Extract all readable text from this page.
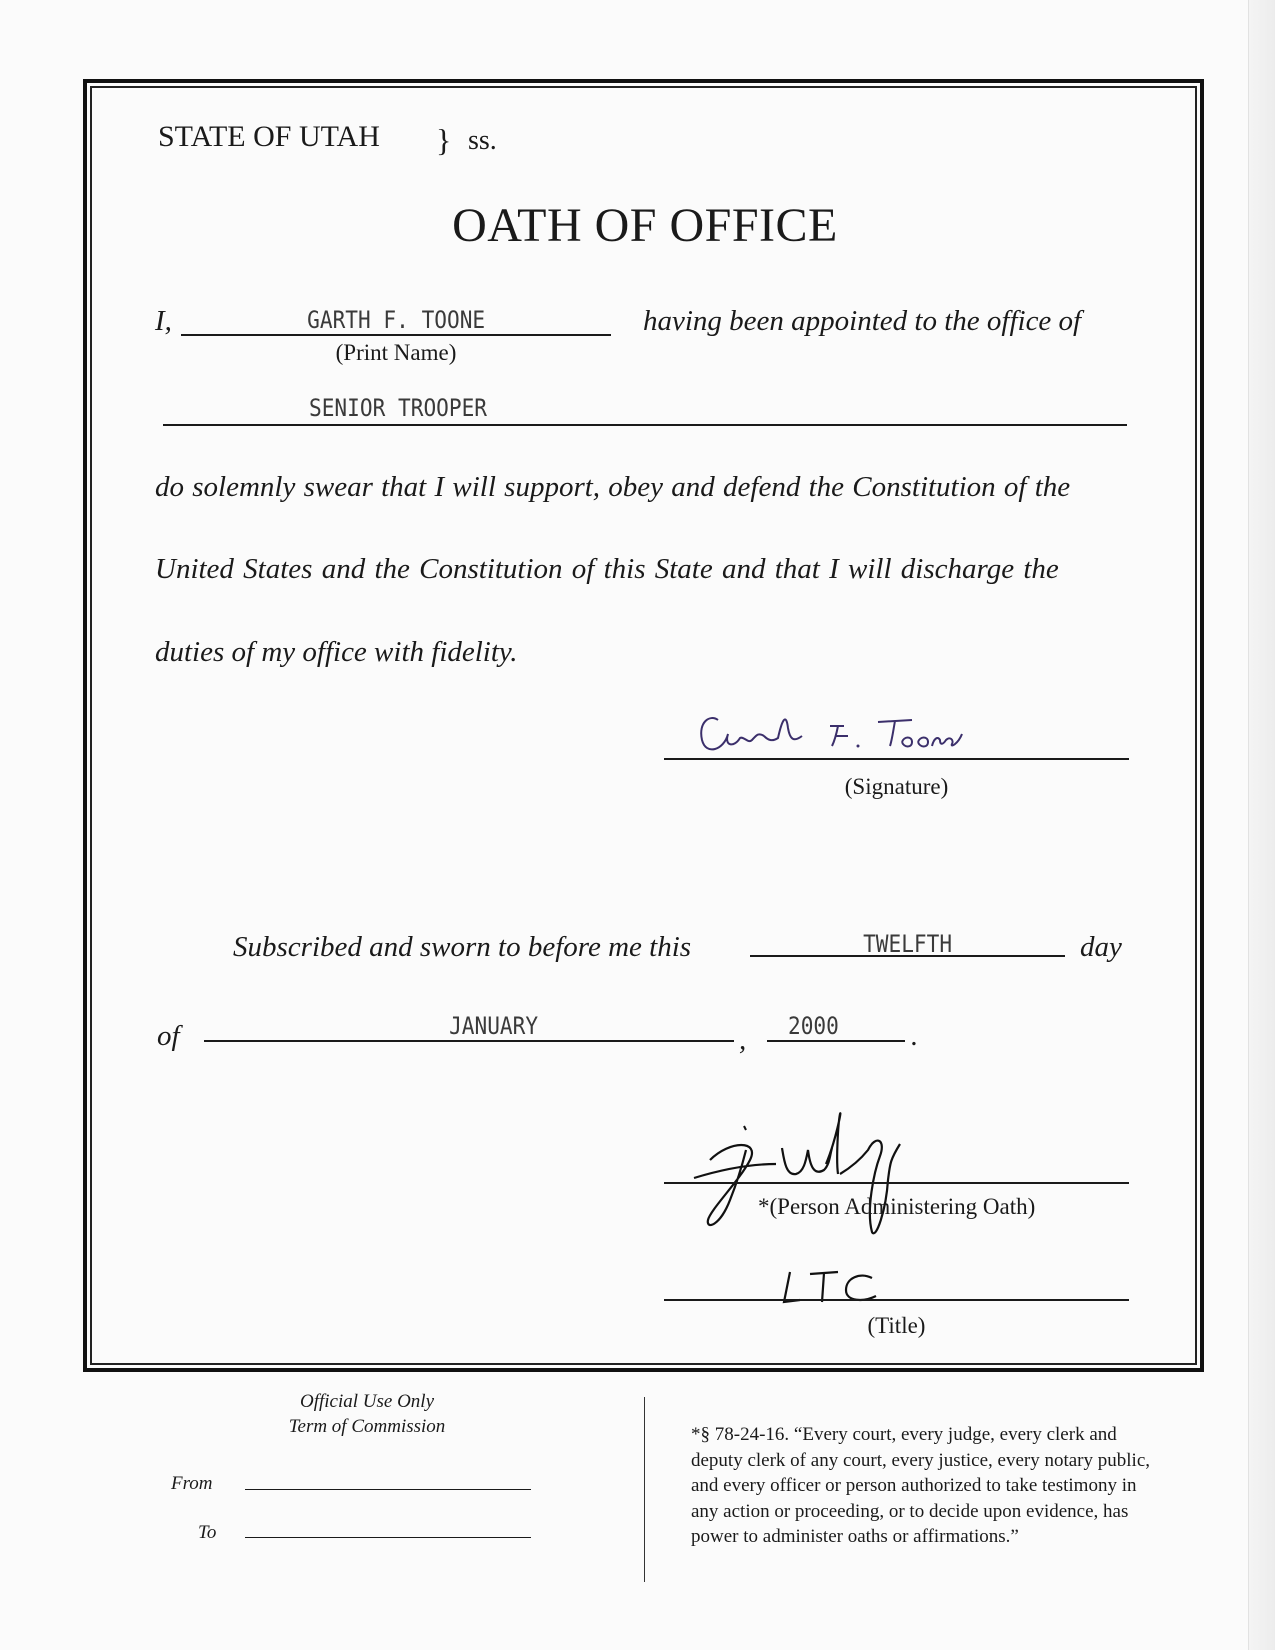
STATE OF UTAH } ss.
OATH OF OFFICE
I,	GARTH F. TOONE
(Print Name)
having been appointed to the office of
SENIOR TROOPER
do solemnly swear that I will support, obey and defend the Constitution of the
United States and the Constitution of this State and that I will discharge the
duties of my office with fidelity.
(Signature)
Subscribed and sworn to before me this	TWELFTH	day
of	JANUARY	, 2000 .
*(Person Administering Oath)
(Title)
Official Use Only
Term of Commission
From
To
*§ 78-24-16. “Every court, every judge, every clerk and
deputy clerk of any court, every justice, every notary public,
and every officer or person authorized to take testimony in
any action or proceeding, or to decide upon evidence, has
power to administer oaths or affirmations.”
